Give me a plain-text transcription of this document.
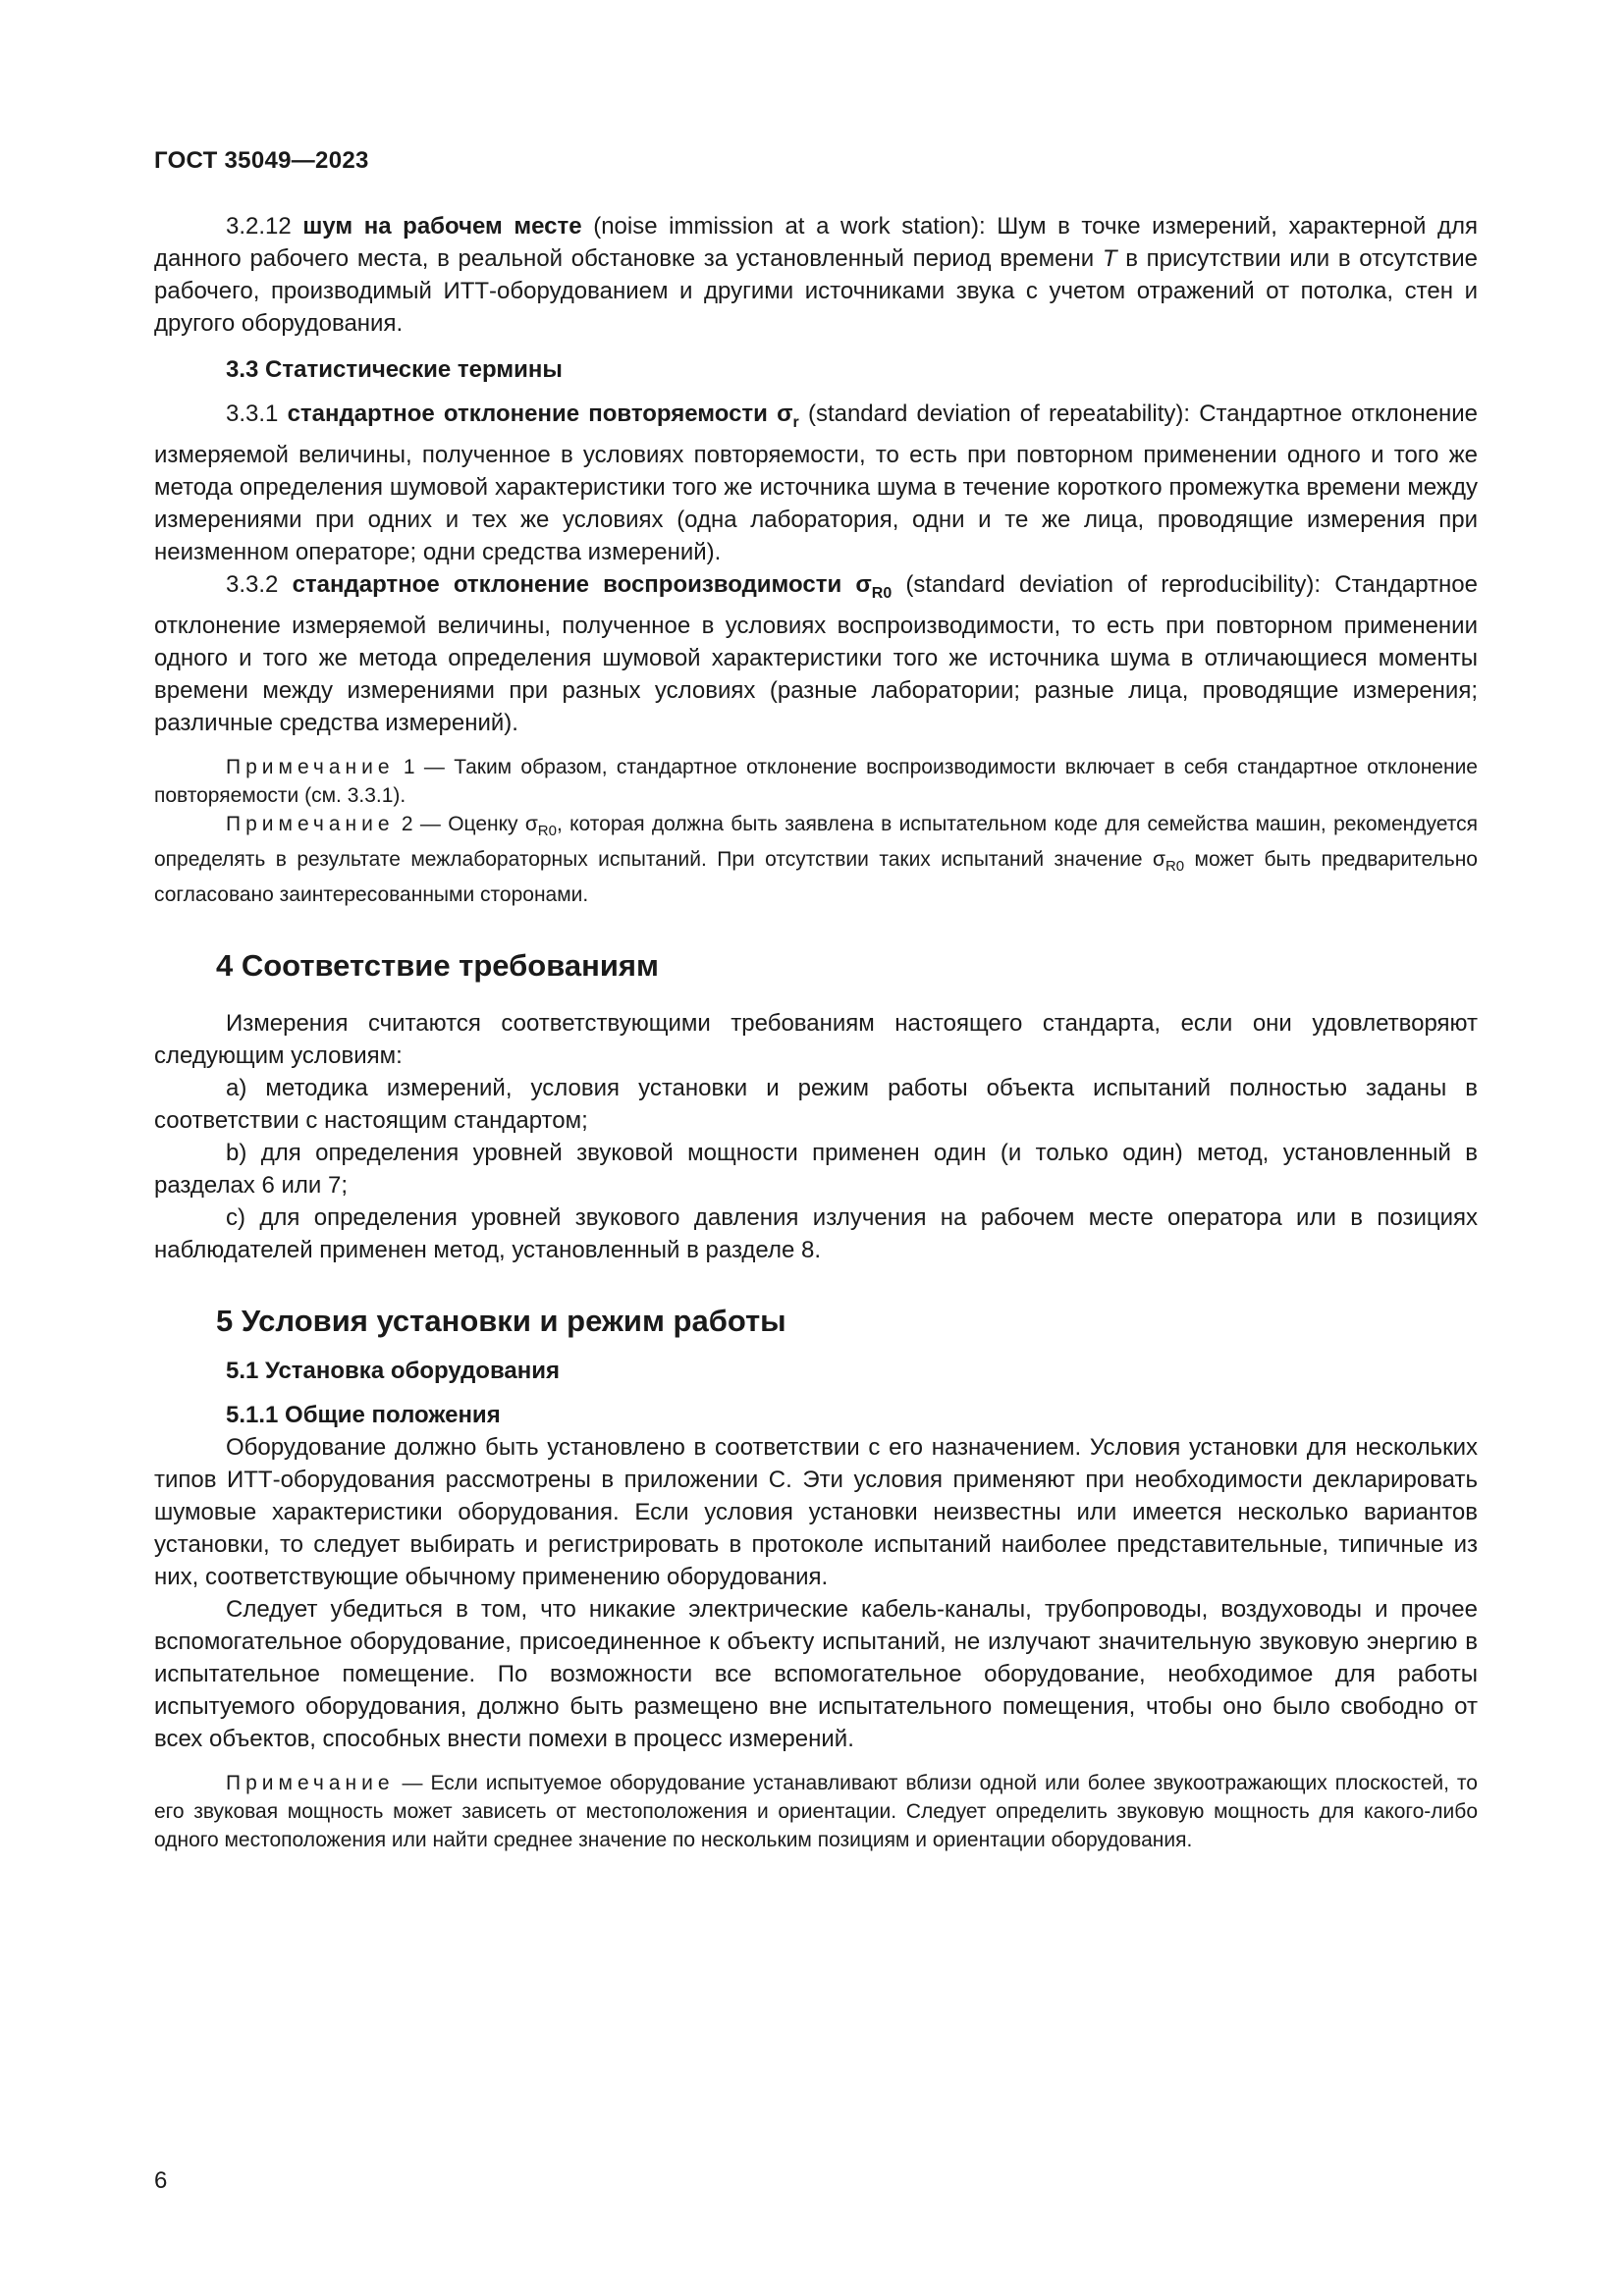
ГОСТ 35049—2023

3.2.12 шум на рабочем месте (noise immission at a work station): Шум в точке измерений, характерной для данного рабочего места, в реальной обстановке за установленный период времени T в присутствии или в отсутствие рабочего, производимый ИТТ-оборудованием и другими источниками звука с учетом отражений от потолка, стен и другого оборудования.

3.3 Статистические термины

3.3.1 стандартное отклонение повторяемости $\sigma_r$ (standard deviation of repeatability): Стандартное отклонение измеряемой величины, полученное в условиях повторяемости, то есть при повторном применении одного и того же метода определения шумовой характеристики того же источника шума в течение короткого промежутка времени между измерениями при одних и тех же условиях (одна лаборатория, одни и те же лица, проводящие измерения при неизменном операторе; одни средства измерений).

3.3.2 стандартное отклонение воспроизводимости $\sigma_{R0}$ (standard deviation of reproducibility): Стандартное отклонение измеряемой величины, полученное в условиях воспроизводимости, то есть при повторном применении одного и того же метода определения шумовой характеристики того же источника шума в отличающиеся моменты времени между измерениями при разных условиях (разные лаборатории; разные лица, проводящие измерения; различные средства измерений).

Примечание 1 — Таким образом, стандартное отклонение воспроизводимости включает в себя стандартное отклонение повторяемости (см. 3.3.1).

Примечание 2 — Оценку $\sigma_{R0}$, которая должна быть заявлена в испытательном коде для семейства машин, рекомендуется определять в результате межлабораторных испытаний. При отсутствии таких испытаний значение $\sigma_{R0}$ может быть предварительно согласовано заинтересованными сторонами.

4 Соответствие требованиям

Измерения считаются соответствующими требованиям настоящего стандарта, если они удовлетворяют следующим условиям:

a) методика измерений, условия установки и режим работы объекта испытаний полностью заданы в соответствии с настоящим стандартом;

b) для определения уровней звуковой мощности применен один (и только один) метод, установленный в разделах 6 или 7;

c) для определения уровней звукового давления излучения на рабочем месте оператора или в позициях наблюдателей применен метод, установленный в разделе 8.

5 Условия установки и режим работы
5.1 Установка оборудования
5.1.1 Общие положения

Оборудование должно быть установлено в соответствии с его назначением. Условия установки для нескольких типов ИТТ-оборудования рассмотрены в приложении С. Эти условия применяют при необходимости декларировать шумовые характеристики оборудования. Если условия установки неизвестны или имеется несколько вариантов установки, то следует выбирать и регистрировать в протоколе испытаний наиболее представительные, типичные из них, соответствующие обычному применению оборудования.

Следует убедиться в том, что никакие электрические кабель-каналы, трубопроводы, воздуховоды и прочее вспомогательное оборудование, присоединенное к объекту испытаний, не излучают значительную звуковую энергию в испытательное помещение. По возможности все вспомогательное оборудование, необходимое для работы испытуемого оборудования, должно быть размещено вне испытательного помещения, чтобы оно было свободно от всех объектов, способных внести помехи в процесс измерений.

Примечание — Если испытуемое оборудование устанавливают вблизи одной или более звукоотражающих плоскостей, то его звуковая мощность может зависеть от местоположения и ориентации. Следует определить звуковую мощность для какого-либо одного местоположения или найти среднее значение по нескольким позициям и ориентации оборудования.

6
